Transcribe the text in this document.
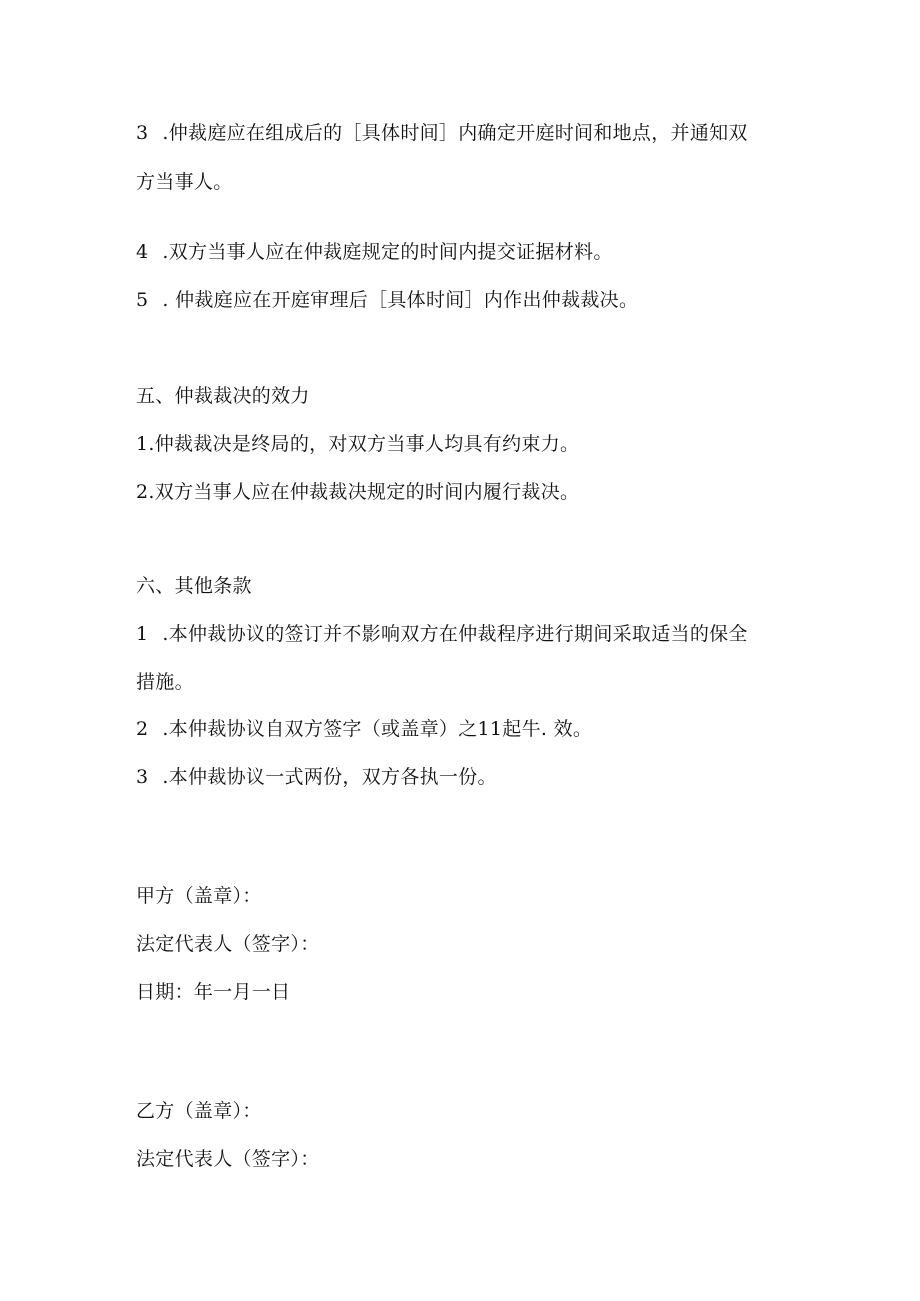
3 .仲裁庭应在组成后的［具体时间］内确定开庭时间和地点，并通知双
方当事人。
4 .双方当事人应在仲裁庭规定的时间内提交证据材料。
5 . 仲裁庭应在开庭审理后［具体时间］内作出仲裁裁决。
五、仲裁裁决的效力
1.仲裁裁决是终局的，对双方当事人均具有约束力。
2.双方当事人应在仲裁裁决规定的时间内履行裁决。
六、其他条款
1 .本仲裁协议的签订并不影响双方在仲裁程序进行期间采取适当的保全
措施。
2 .本仲裁协议自双方签字（或盖章）之11起牛. 效。
3 .本仲裁协议一式两份，双方各执一份。
甲方（盖章）：
法定代表人（签字）：
日期：年一月一日
乙方（盖章）：
法定代表人（签字）：
